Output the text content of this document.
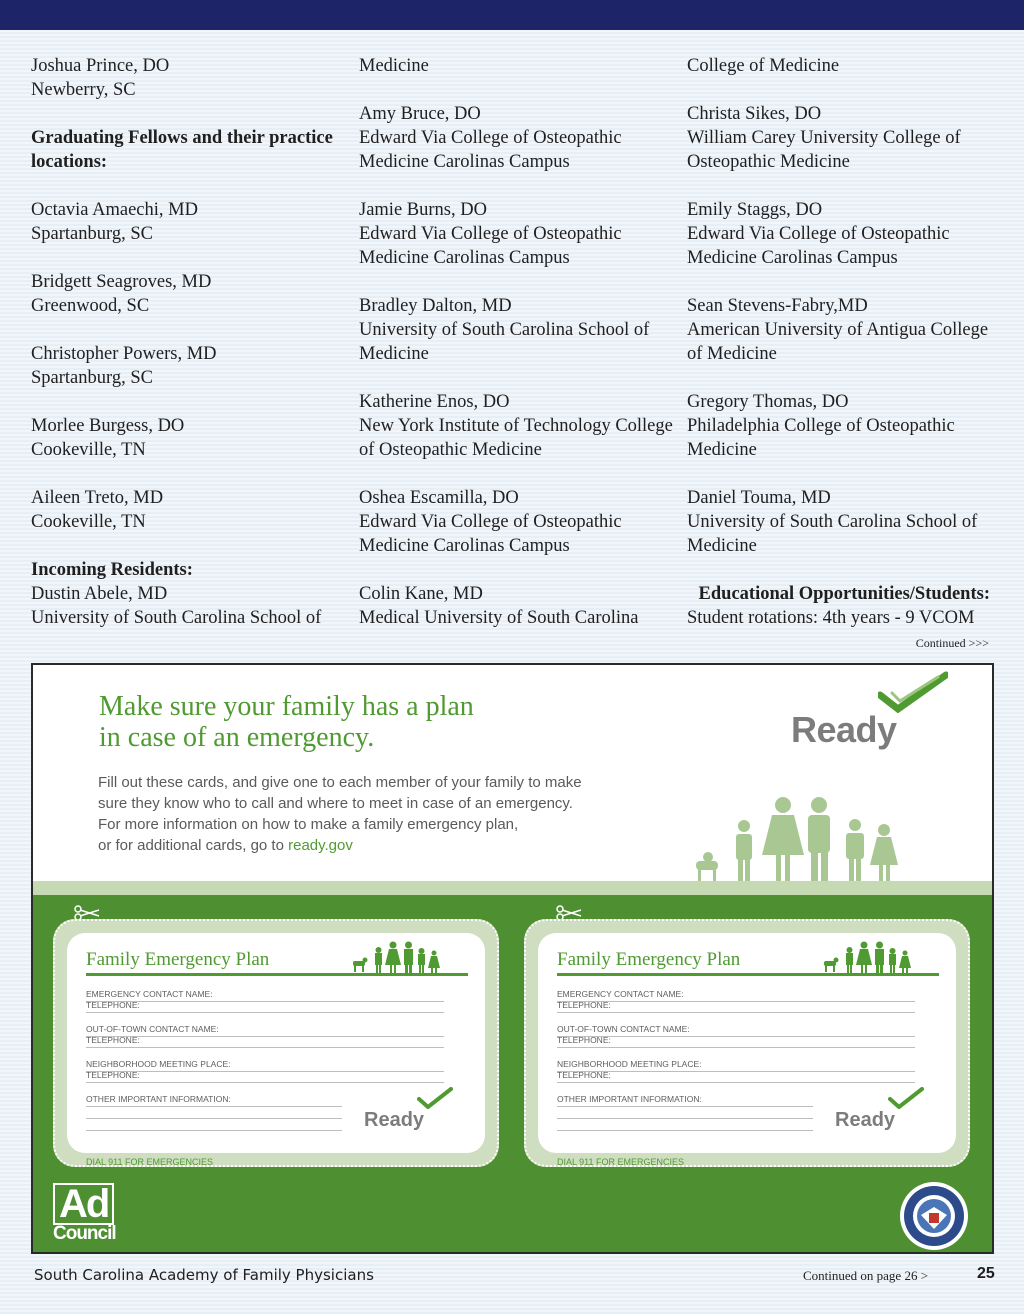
Joshua Prince, DO

Newberry, SC

Graduating Fellows and their practice locations:

Octavia Amaechi, MD

Spartanburg, SC

Bridgett Seagroves, MD

Greenwood, SC

Christopher Powers, MD

Spartanburg, SC

Morlee Burgess, DO

Cookeville, TN

Aileen Treto, MD

Cookeville, TN

Incoming Residents:

Dustin Abele, MD

University of South Carolina School of

Medicine

Amy Bruce, DO

Edward Via College of Osteopathic

Medicine Carolinas Campus

Jamie Burns, DO

Edward Via College of Osteopathic

Medicine Carolinas Campus

Bradley Dalton, MD

University of South Carolina School of

Medicine

Katherine Enos, DO

New York Institute of Technology College

of Osteopathic Medicine

Oshea Escamilla, DO

Edward Via College of Osteopathic

Medicine Carolinas Campus

Colin Kane, MD

Medical University of South Carolina

College of Medicine

Christa Sikes, DO

William Carey University College of

Osteopathic Medicine

Emily Staggs, DO

Edward Via College of Osteopathic

Medicine Carolinas Campus

Sean Stevens-Fabry,MD

American University of Antigua College

of Medicine

Gregory Thomas, DO

Philadelphia College of Osteopathic

Medicine

Daniel Touma, MD

University of South Carolina School of

Medicine

Educational Opportunities/Students:

Student rotations: 4th years - 9 VCOM

Continued >>>
Make sure your family has a plan
in case of an emergency.
Fill out these cards, and give one to each member of your family to make
sure they know who to call and where to meet in case of an emergency.
For more information on how to make a family emergency plan,
or for additional cards, go to ready.gov
Ready
Ad
Council
Family Emergency Plan
EMERGENCY CONTACT NAME:
TELEPHONE:
OUT-OF-TOWN CONTACT NAME:
TELEPHONE:
NEIGHBORHOOD MEETING PLACE:
TELEPHONE:
OTHER IMPORTANT INFORMATION:
Ready
DIAL 911 FOR EMERGENCIES
Family Emergency Plan
EMERGENCY CONTACT NAME:
TELEPHONE:
OUT-OF-TOWN CONTACT NAME:
TELEPHONE:
NEIGHBORHOOD MEETING PLACE:
TELEPHONE:
OTHER IMPORTANT INFORMATION:
Ready
DIAL 911 FOR EMERGENCIES
South Carolina Academy of Family Physicians	Continued on page 26 >	25
